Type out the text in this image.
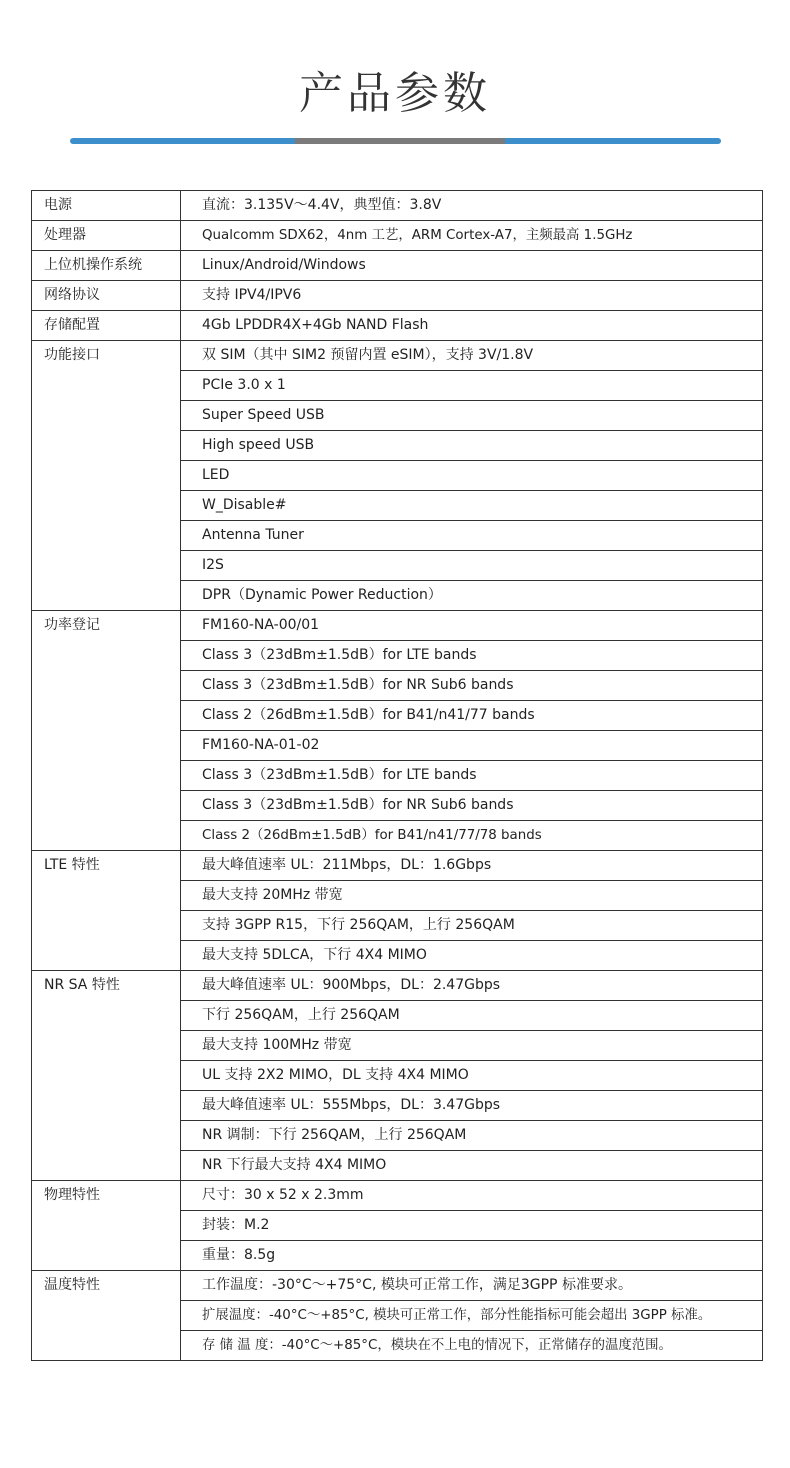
产品参数
电源	直流：3.135V～4.4V，典型值：3.8V
处理器	Qualcomm SDX62，4nm 工艺，ARM Cortex-A7，主频最高 1.5GHz
上位机操作系统	Linux/Android/Windows
网络协议	支持 IPV4/IPV6
存储配置	4Gb LPDDR4X+4Gb NAND Flash
功能接口	双 SIM（其中 SIM2 预留内置 eSIM），支持 3V/1.8V
	PCIe 3.0 x 1
	Super Speed USB
	High speed USB
	LED
	W_Disable#
	Antenna Tuner
	I2S
	DPR（Dynamic Power Reduction）
功率登记	FM160-NA-00/01
	Class 3（23dBm±1.5dB）for LTE bands
	Class 3（23dBm±1.5dB）for NR Sub6 bands
	Class 2（26dBm±1.5dB）for B41/n41/77 bands
	FM160-NA-01-02
	Class 3（23dBm±1.5dB）for LTE bands
	Class 3（23dBm±1.5dB）for NR Sub6 bands
	Class 2（26dBm±1.5dB）for B41/n41/77/78 bands
LTE 特性	最大峰值速率 UL：211Mbps，DL：1.6Gbps
	最大支持 20MHz 带宽
	支持 3GPP R15，下行 256QAM，上行 256QAM
	最大支持 5DLCA，下行 4X4 MIMO
NR SA 特性	最大峰值速率 UL：900Mbps，DL：2.47Gbps
	下行 256QAM，上行 256QAM
	最大支持 100MHz 带宽
	UL 支持 2X2 MIMO，DL 支持 4X4 MIMO
	最大峰值速率 UL：555Mbps，DL：3.47Gbps
	NR 调制：下行 256QAM，上行 256QAM
	NR 下行最大支持 4X4 MIMO
物理特性	尺寸：30 x 52 x 2.3mm
	封装：M.2
	重量：8.5g
温度特性	工作温度：-30°C～+75°C, 模块可正常工作，满足3GPP 标准要求。
	扩展温度：-40°C～+85°C, 模块可正常工作，部分性能指标可能会超出 3GPP 标准。
	存 储 温 度：-40°C～+85°C，模块在不上电的情况下，正常储存的温度范围。
